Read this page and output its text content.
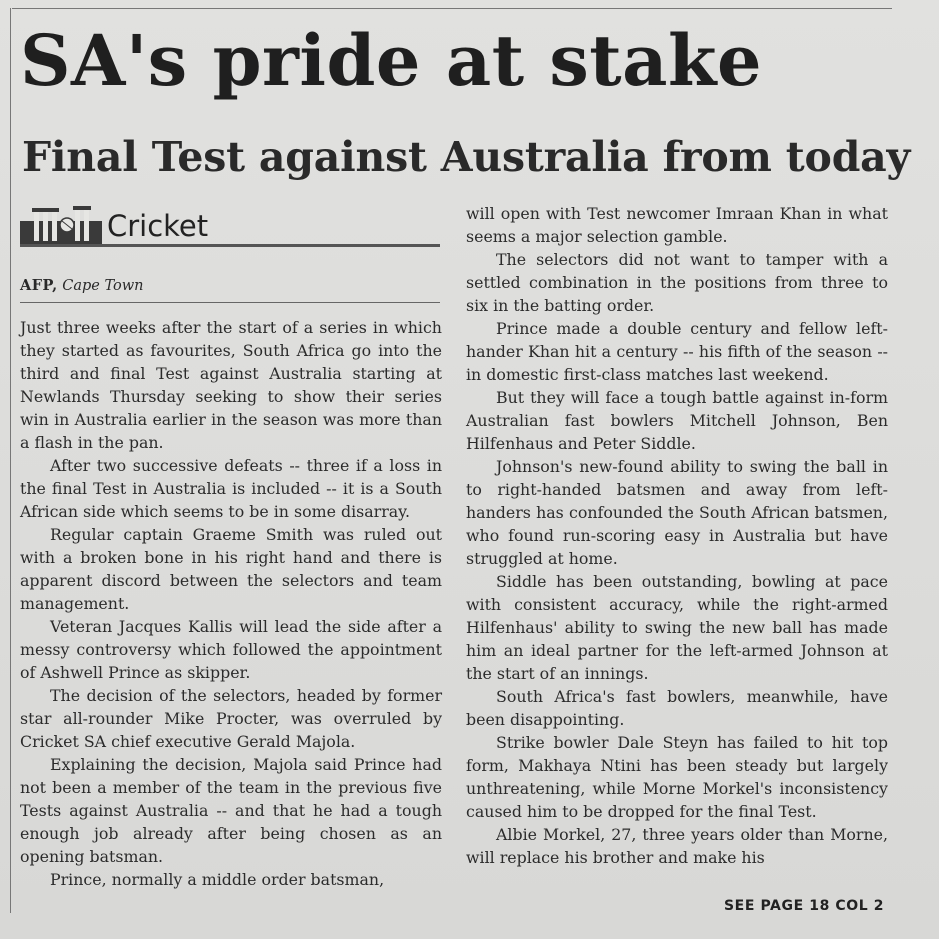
SA's pride at stake
Final Test against Australia from today
Cricket
AFP, Cape Town

Just three weeks after the start of a series in which they started as favourites, South Africa go into the third and final Test against Australia starting at Newlands Thursday seeking to show their series win in Australia earlier in the season was more than a flash in the pan.

After two successive defeats -- three if a loss in the final Test in Australia is included -- it is a South African side which seems to be in some disarray.

Regular captain Graeme Smith was ruled out with a broken bone in his right hand and there is apparent discord between the selectors and team management.

Veteran Jacques Kallis will lead the side after a messy controversy which followed the appointment of Ashwell Prince as skipper.

The decision of the selectors, headed by former star all-rounder Mike Procter, was overruled by Cricket SA chief executive Gerald Majola.

Explaining the decision, Majola said Prince had not been a member of the team in the previous five Tests against Australia -- and that he had a tough enough job already after being chosen as an opening batsman.

Prince, normally a middle order batsman,

will open with Test newcomer Imraan Khan in what seems a major selection gamble.

The selectors did not want to tamper with a settled combination in the positions from three to six in the batting order.

Prince made a double century and fellow left-hander Khan hit a century -- his fifth of the season -- in domestic first-class matches last weekend.

But they will face a tough battle against in-form Australian fast bowlers Mitchell Johnson, Ben Hilfenhaus and Peter Siddle.

Johnson's new-found ability to swing the ball in to right-handed batsmen and away from left-handers has confounded the South African batsmen, who found run-scoring easy in Australia but have struggled at home.

Siddle has been outstanding, bowling at pace with consistent accuracy, while the right-armed Hilfenhaus' ability to swing the new ball has made him an ideal partner for the left-armed Johnson at the start of an innings.

South Africa's fast bowlers, meanwhile, have been disappointing.

Strike bowler Dale Steyn has failed to hit top form, Makhaya Ntini has been steady but largely unthreatening, while Morne Morkel's inconsistency caused him to be dropped for the final Test.

Albie Morkel, 27, three years older than Morne, will replace his brother and make his

SEE PAGE 18 COL 2
